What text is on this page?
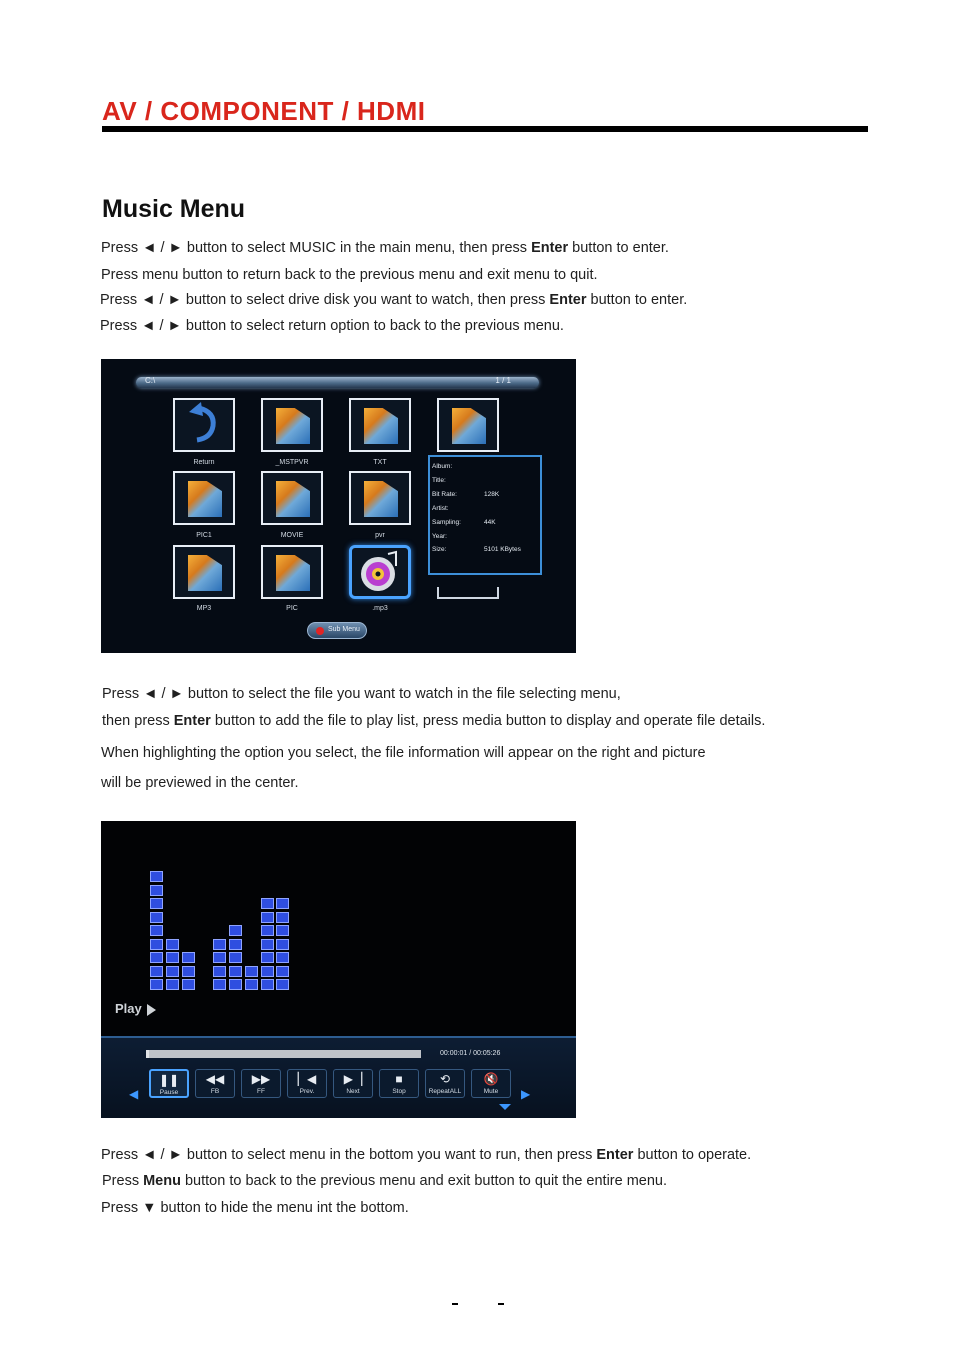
AV / COMPONENT / HDMI
Music Menu
Press ◄ / ► button to select MUSIC in the main menu, then press Enter button to enter.
Press menu button to return back to the previous menu and exit menu to quit.
Press ◄ / ► button to select drive disk you want to watch, then press Enter button to enter.
Press ◄ / ► button to select return option to back to the previous menu.
C:\	1 / 1
Return	_MSTPVR	TXT
PIC1	MOVIE	pvr
MP3	PIC	.mp3
Album:
Title:
Bit Rate:	128K
Artist:
Sampling:	44K
Year:
Size:	5101 KBytes
Sub Menu
Press ◄ / ► button to select the file you want to watch in the file selecting menu,
then press Enter button to add the file to play list, press media button to display and operate file details.
When highlighting the option you select, the file information will appear on the right and picture
will be previewed in the center.
Play
00:00:01 / 00:05:26
◀
❚❚
Pause
◀◀
FB
▶▶
FF
▏◀
Prev.
▶▕
Next
■
Stop
⟲
RepeatALL
🔇
Mute	▶
Press ◄ / ► button to select menu in the bottom you want to run, then press Enter button to operate.
Press Menu button to back to the previous menu and exit button to quit the entire menu.
Press ▼ button to hide the menu int the bottom.
